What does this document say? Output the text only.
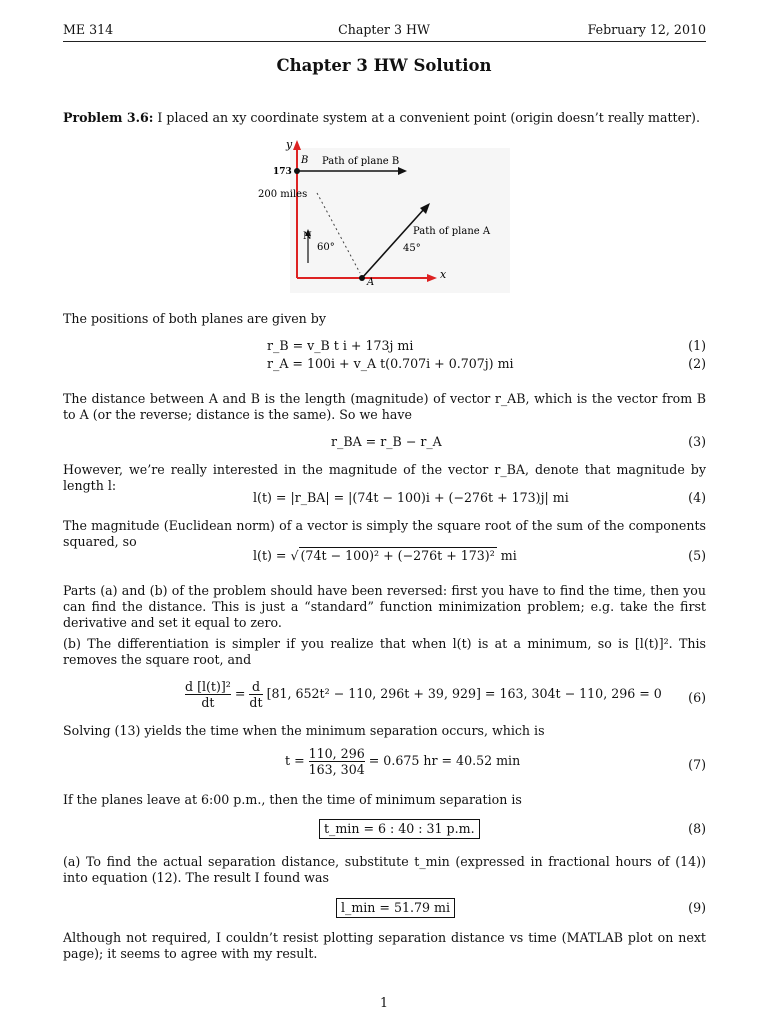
ME 314	Chapter 3 HW	February 12, 2010
Chapter 3 HW Solution
Problem 3.6: I placed an xy coordinate system at a convenient point (origin doesn’t really matter).
y
x
173
B
A
Path of plane B
Path of plane A
200 miles
N
60°	45°
The positions of both planes are given by
r_B = v_B t i + 173j mi	(1)
r_A = 100i + v_A t(0.707i + 0.707j) mi	(2)
The distance between A and B is the length (magnitude) of vector r_AB, which is the vector from B to A (or the reverse; distance is the same). So we have
r_BA = r_B − r_A	(3)
However, we’re really interested in the magnitude of the vector r_BA, denote that magnitude by length l:
l(t) = |r_BA| = |(74t − 100)i + (−276t + 173)j| mi	(4)
The magnitude (Euclidean norm) of a vector is simply the square root of the sum of the components squared, so
l(t) = √ (74t − 100)² + (−276t + 173)² mi	(5)
Parts (a) and (b) of the problem should have been reversed: first you have to find the time, then you can find the distance. This is just a “standard” function minimization problem; e.g. take the first derivative and set it equal to zero.
(b) The differentiation is simpler if you realize that when l(t) is at a minimum, so is [l(t)]². This removes the square root, and
$\frac{\text{d [l(t)]²}}{dt} = \frac{d}{dt} [81$, 652t² − 110, 296t + 39, 929] = 163, 304t − 110, 296 = 0 (6)
Solving (13) yields the time when the minimum separation occurs, which is
$t = \frac{110, 296}{163, 304} = 0.675$ hr = 40.52 min	(7)
If the planes leave at 6:00 p.m., then the time of minimum separation is
t_min = 6 : 40 : 31 p.m.	(8)
(a) To find the actual separation distance, substitute t_min (expressed in fractional hours of (14)) into equation (12). The result I found was
l_min = 51.79 mi	(9)
Although not required, I couldn’t resist plotting separation distance vs time (MATLAB plot on next page); it seems to agree with my result.
1
